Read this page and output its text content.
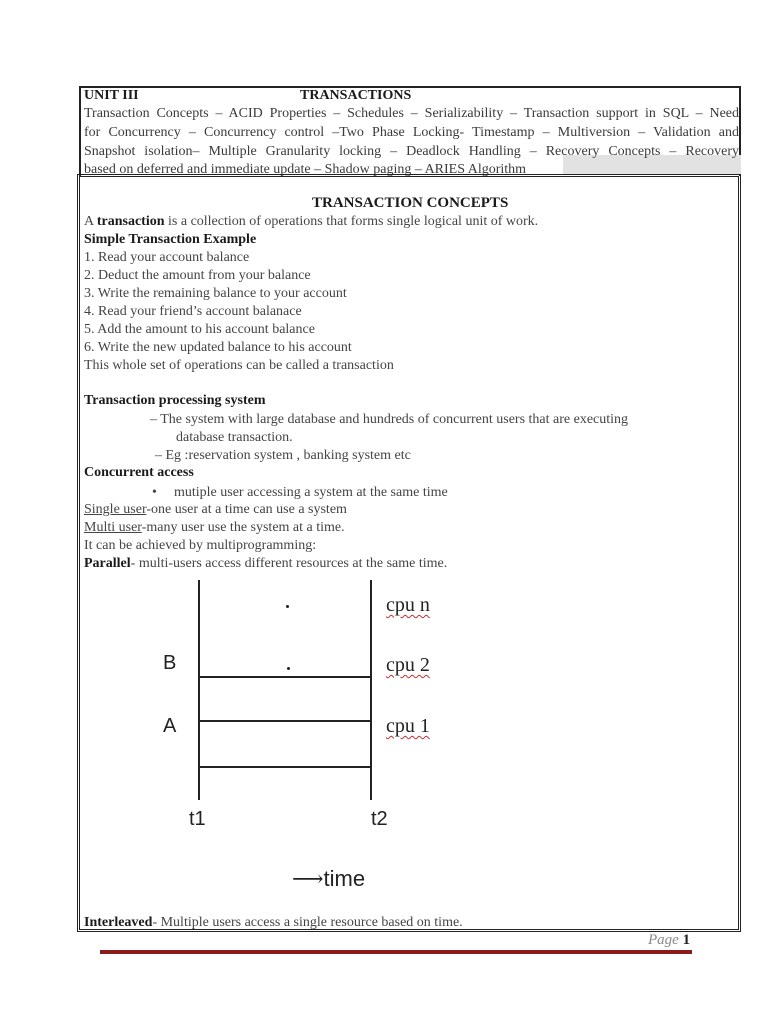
UNIT III	TRANSACTIONS
Transaction Concepts – ACID Properties – Schedules – Serializability – Transaction support in SQL – Need
for Concurrency – Concurrency control –Two Phase Locking- Timestamp – Multiversion – Validation and
Snapshot isolation– Multiple Granularity locking – Deadlock Handling – Recovery Concepts – Recovery
based on deferred and immediate update – Shadow paging – ARIES Algorithm
TRANSACTION CONCEPTS
A transaction is a collection of operations that forms single logical unit of work.
Simple Transaction Example
1. Read your account balance
2. Deduct the amount from your balance
3. Write the remaining balance to your account
4. Read your friend’s account balanace
5. Add the amount to his account balance
6. Write the new updated balance to his account
This whole set of operations can be called a transaction
Transaction processing system
– The system with large database and hundreds of concurrent users that are executing
database transaction.
– Eg :reservation system , banking system etc
Concurrent access
• mutiple user accessing a system at the same time
Single user-one user at a time can use a system
Multi user-many user use the system at a time.
It can be achieved by multiprogramming:
Parallel- multi-users access different resources at the same time.
cpu n
cpu 2
cpu 1
B
A
t1	t2
⟶time
Interleaved- Multiple users access a single resource based on time.
Page 1
